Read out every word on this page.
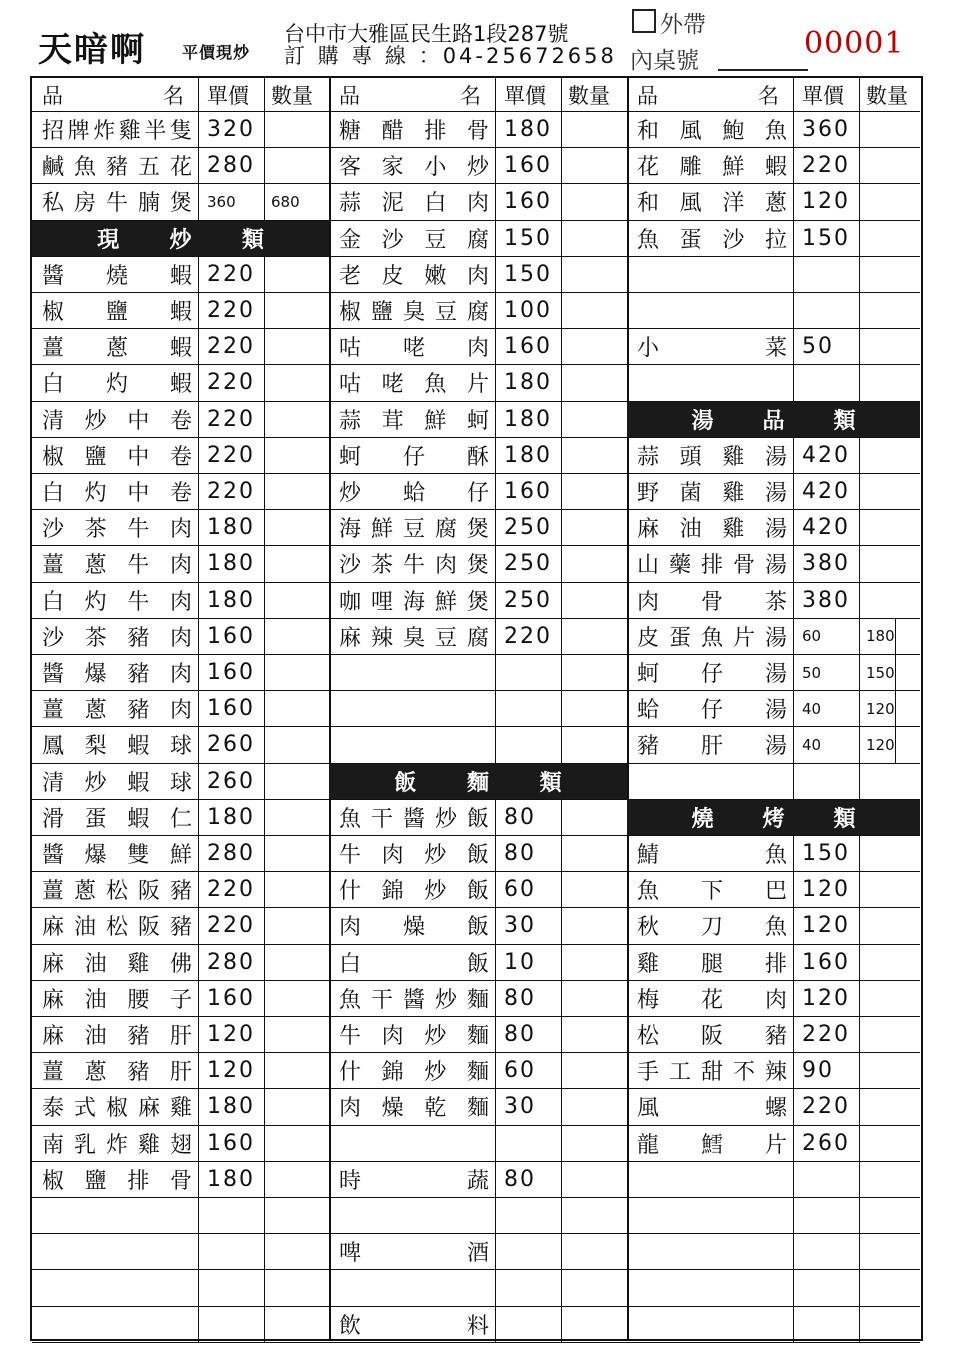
天暗啊 平價現炒
台中市大雅區民生路1段287號
訂 購 專 線 ：04-25672658
外帶
內桌號	00001
品	名	單價	數量
招 牌 炸 雞 半 隻 320
鹹 魚 豬 五 花 280
私 房 牛 腩 煲	360	680
現 炒 類
醬 燒 蝦 220
椒 鹽 蝦 220
薑 蔥 蝦 220
白 灼 蝦 220
清 炒 中 卷 220
椒 鹽 中 卷 220
白 灼 中 卷 220
沙 茶 牛 肉 180
薑 蔥 牛 肉 180
白 灼 牛 肉 180
沙 茶 豬 肉 160
醬 爆 豬 肉 160
薑 蔥 豬 肉 160
鳳 梨 蝦 球 260
清 炒 蝦 球 260
滑 蛋 蝦 仁 180
醬 爆 雙 鮮 280
薑 蔥 松 阪 豬 220
麻 油 松 阪 豬 220
麻 油 雞 佛 280
麻 油 腰 子 160
麻 油 豬 肝 120
薑 蔥 豬 肝 120
泰 式 椒 麻 雞 180
南 乳 炸 雞 翅 160
椒 鹽 排 骨 180
品	名	單價	數量
糖 醋 排 骨 180
客 家 小 炒 160
蒜 泥 白 肉 160
金 沙 豆 腐 150
老 皮 嫩 肉 150
椒 鹽 臭 豆 腐 100
咕 咾 肉 160
咕 咾 魚 片 180
蒜 茸 鮮 蚵 180
蚵 仔 酥 180
炒 蛤 仔 160
海 鮮 豆 腐 煲 250
沙 茶 牛 肉 煲 250
咖 哩 海 鮮 煲 250
麻 辣 臭 豆 腐 220
飯 麵 類
魚 干 醬 炒 飯 80
牛 肉 炒 飯 80
什 錦 炒 飯 60
肉 燥 飯 30
白	飯 10
魚 干 醬 炒 麵 80
牛 肉 炒 麵 80
什 錦 炒 麵 60
肉 燥 乾 麵 30
時	蔬 80
啤	酒
飲	料
品	名	單價	數量
和 風 鮑 魚 360
花 雕 鮮 蝦 220
和 風 洋 蔥 120
魚 蛋 沙 拉 150
小	菜 50
湯 品 類
蒜 頭 雞 湯 420
野 菌 雞 湯 420
麻 油 雞 湯 420
山 藥 排 骨 湯 380
肉 骨 茶 380
皮 蛋 魚 片 湯	60	180
蚵 仔 湯	50	150
蛤 仔 湯	40	120
豬 肝 湯	40	120
燒 烤 類
鯖	魚 150
魚 下 巴 120
秋 刀 魚 120
雞 腿 排 160
梅 花 肉 120
松 阪 豬 220
手 工 甜 不 辣 90
風	螺 220
龍 鱈 片 260
